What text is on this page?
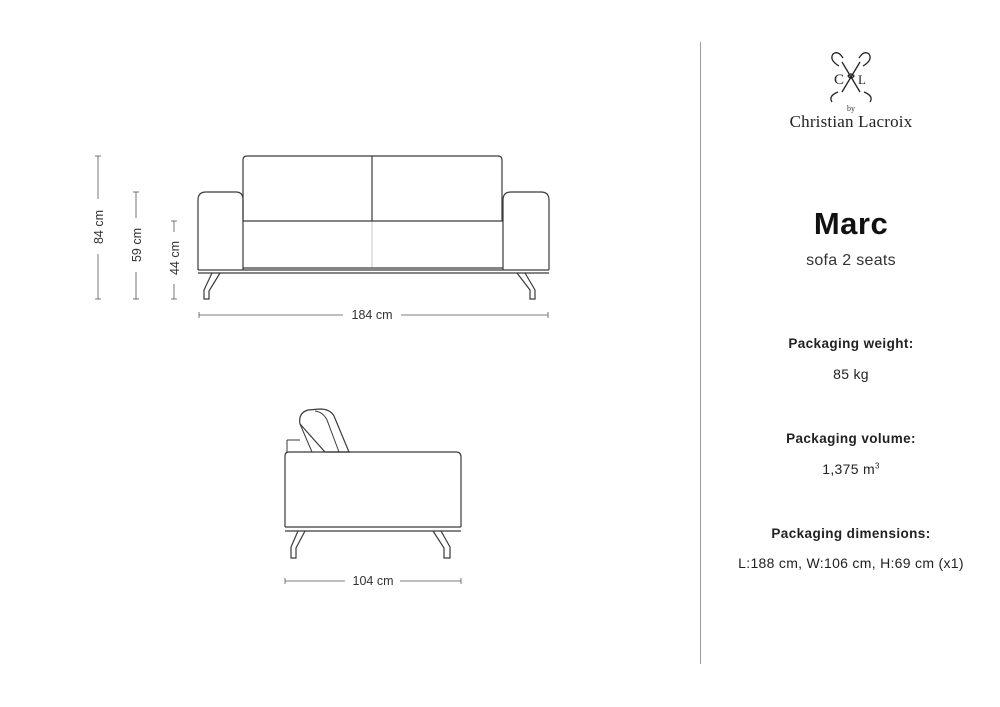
84 cm
59 cm 44 cm
184 cm
104 cm
C L
by
Christian Lacroix
Marc
sofa 2 seats
Packaging weight:
85 kg
Packaging volume:
1,375 $m^3$
Packaging dimensions:
L:188 cm, W:106 cm, H:69 cm (x1)
